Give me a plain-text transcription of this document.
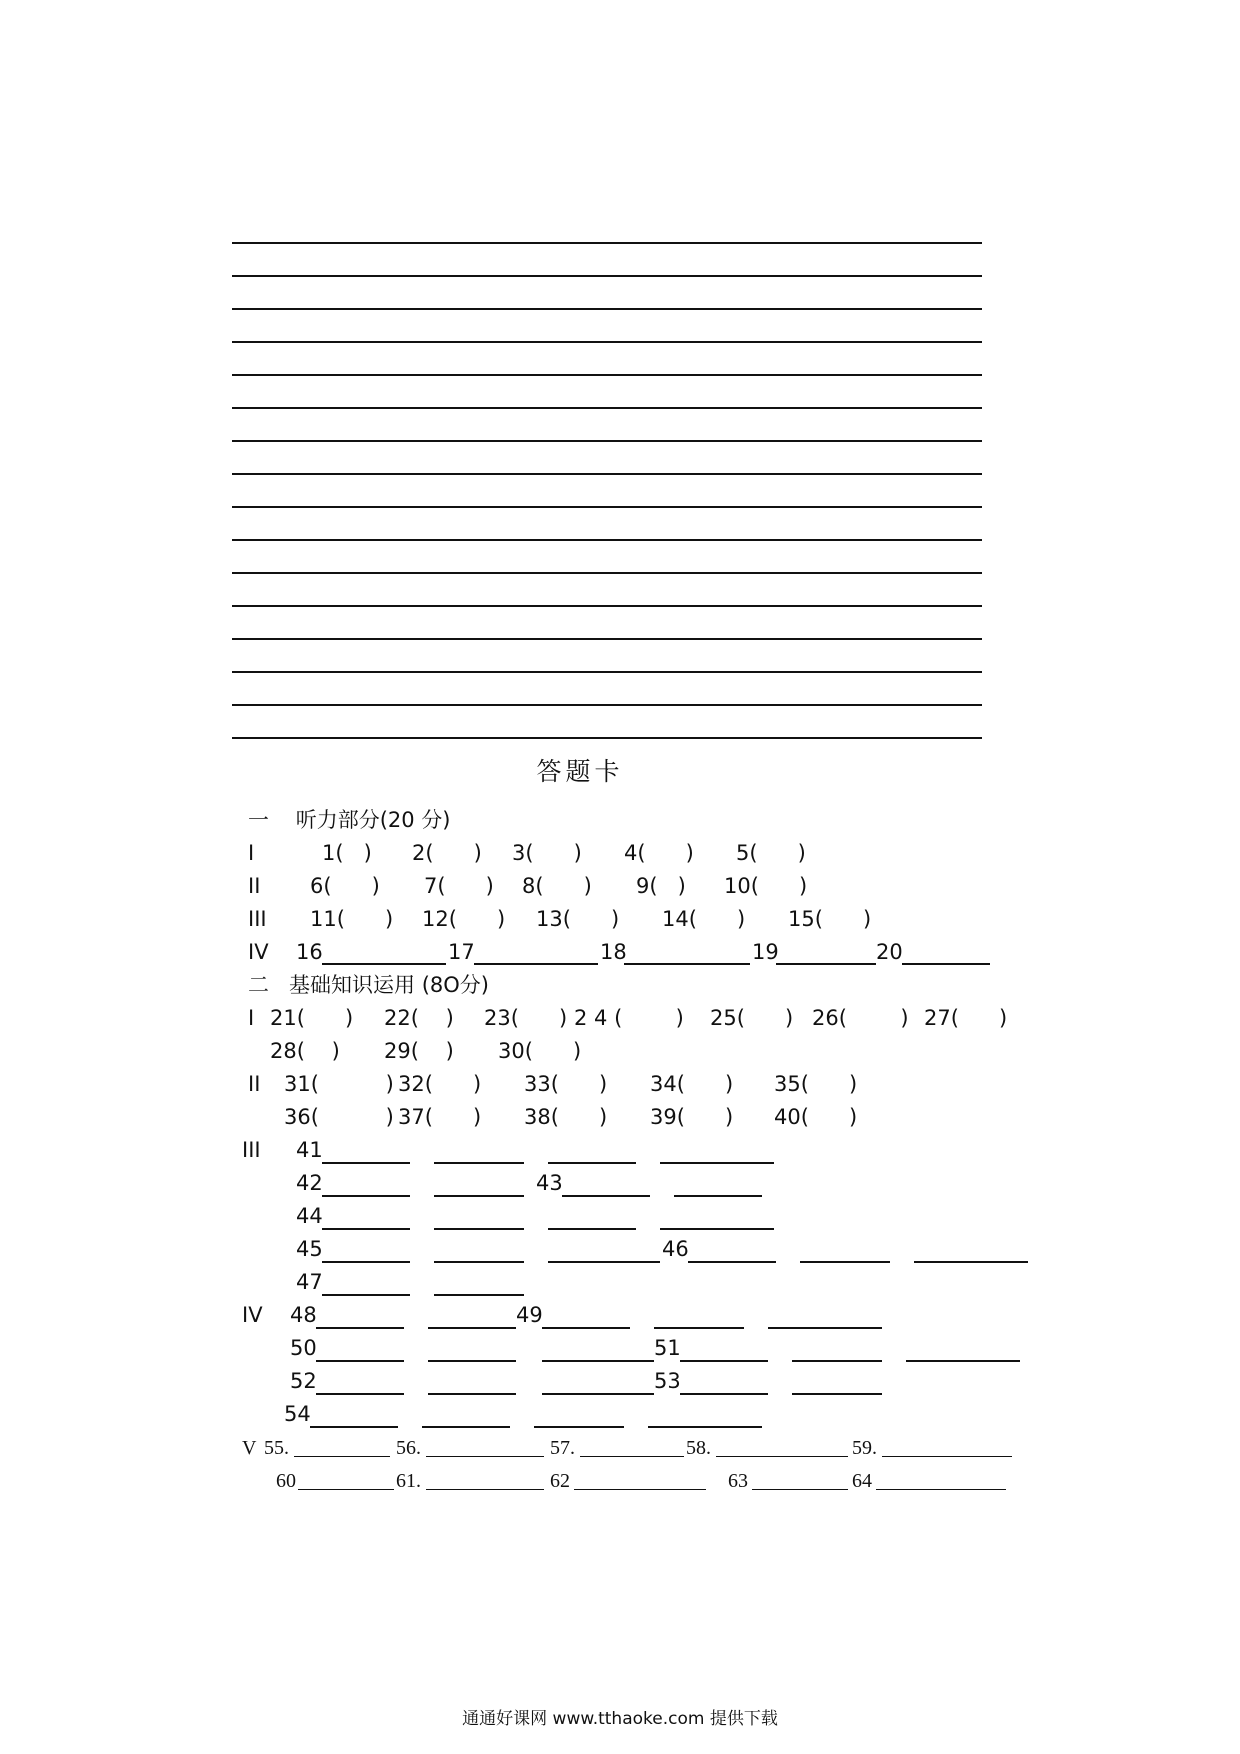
答题卡
一    听力部分(20 分)
I	1(   ) 2(      ) 3(      ) 4(      ) 5(      )
II 6(      ) 7(      ) 8(      ) 9(   ) 10(      )
III 11(      ) 12(      ) 13(      ) 14(      ) 15(      )
IV 16	17	18	19	20
二   基础知识运用 (8O分)
I 21(      ) 22(    ) 23(      ) 2 4 (        ) 25(      ) 26(        ) 27(      )
28(    ) 29(    ) 30(      )
II 31(          ) 32(      ) 33(      ) 34(      ) 35(      )
36(          ) 37(      ) 38(      ) 39(      ) 40(      )
III 41
42	43
44
45	46
47
IV 48	49
50	51
52	53
54
V 55.	56.	57.	58.	59.
60	61.	62	63	64
通通好课网 www.tthaoke.com 提供下载
